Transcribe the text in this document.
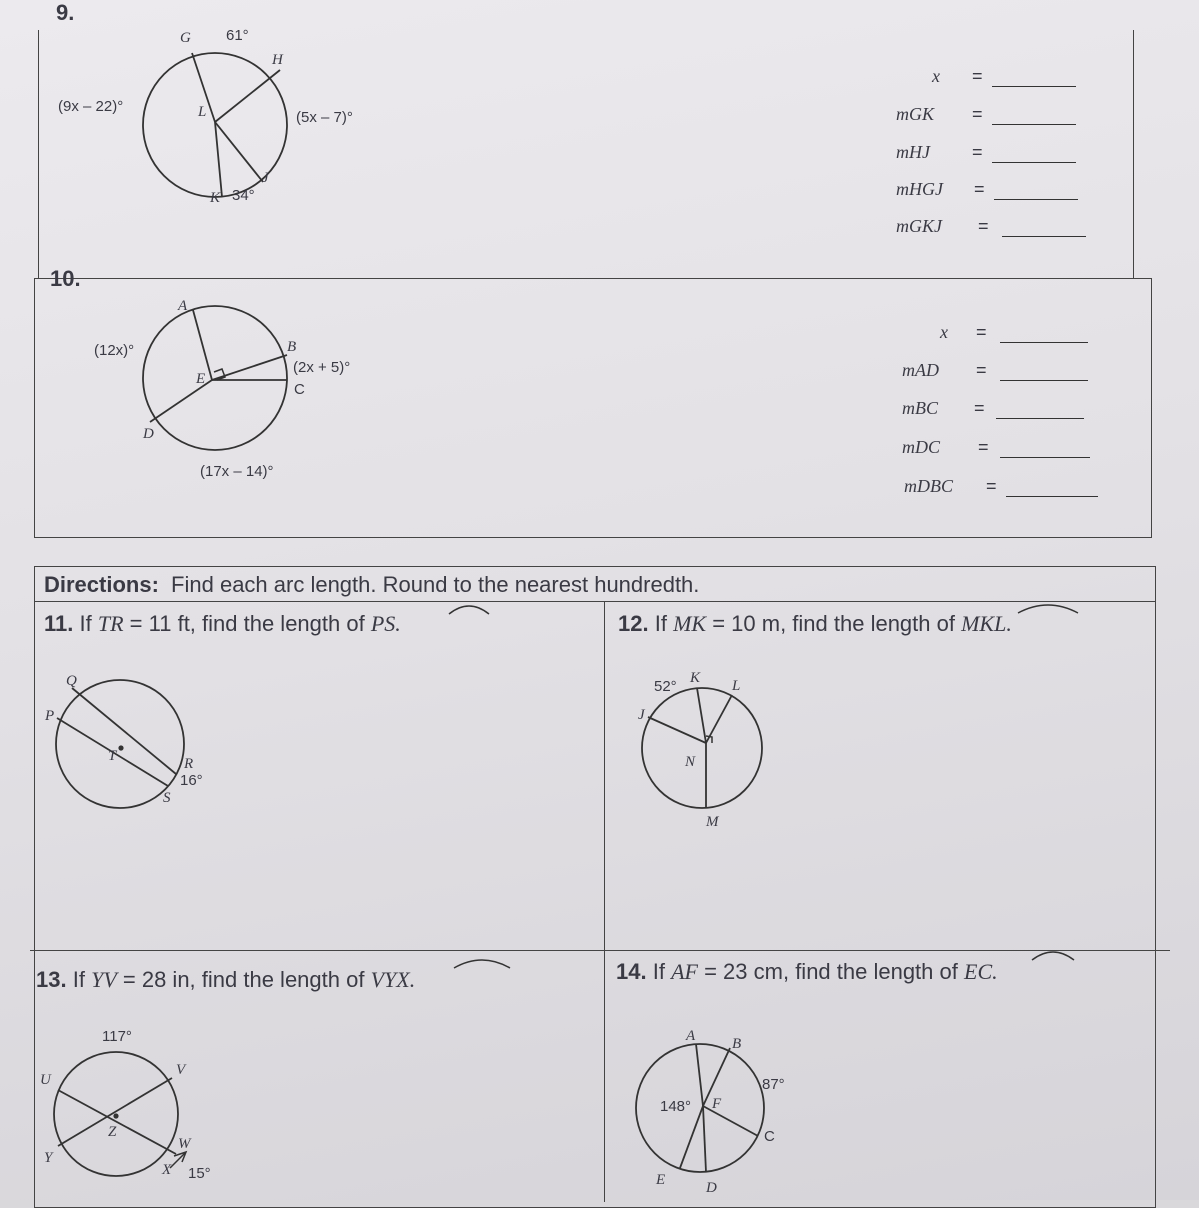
9.
G 61°
H
L
K 34°
J
(9x – 22)°
(5x – 7)°
x =
mGK =
mHJ =
mHGJ =
mGKJ =
10.
A
B
C
D
E
(12x)°
(2x + 5)°
(17x – 14)°
x =
mAD =
mBC =
mDC =
mDBC =
Directions: Find each arc length. Round to the nearest hundredth.
11. If TR = 11 ft, find the length of PS.
Q
P
T	R
16°
S
12. If MK = 10 m, find the length of MKL.
52° K L
J
N
M
13. If YV = 28 in, find the length of VYX.
117°
U
V
Y
Z
W
X 15°
14. If AF = 23 cm, find the length of EC.
A B
87°
148° F
C
E	D
